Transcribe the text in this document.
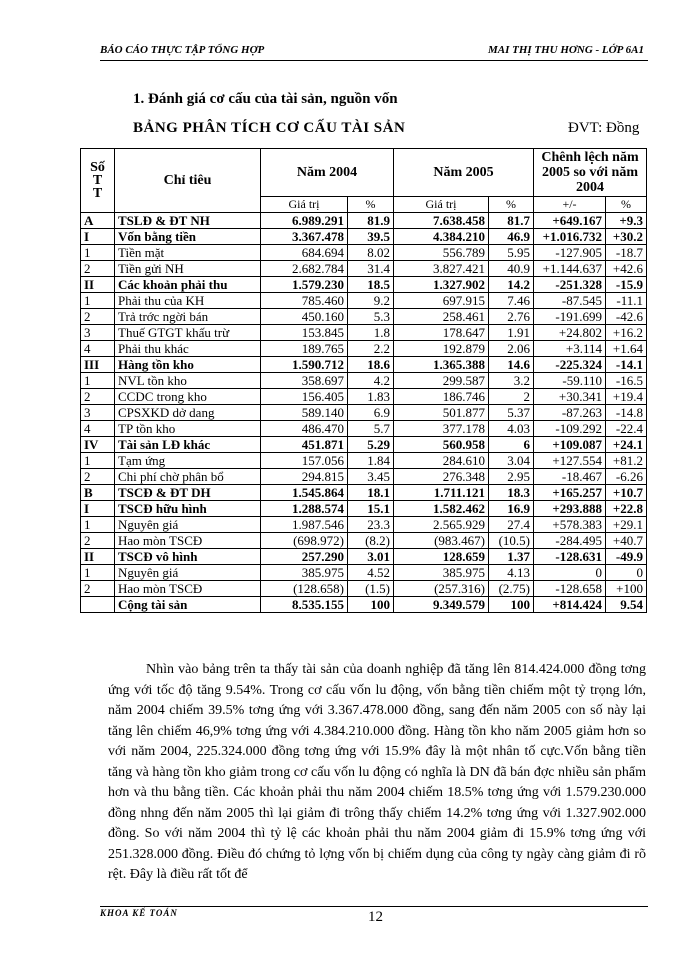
BÁO CÁO THỰC TẬP TỔNG HỢP	MAI THỊ THU HƠNG - LỚP 6A1
1. Đánh giá cơ cấu của tài sản, nguồn vốn
BẢNG PHÂN TÍCH CƠ CẤU TÀI SẢN	ĐVT: Đồng
Số
T
T	Chỉ tiêu	Năm 2004		Năm 2005		Chênh lệch năm 2005 so với năm 2004	
		Giá trị	%	Giá trị	%	+/-	%
A	TSLĐ & ĐT NH	6.989.291	81.9	7.638.458	81.7	+649.167	+9.3
I	Vốn bằng tiền	3.367.478	39.5	4.384.210	46.9	+1.016.732	+30.2
1	Tiền mặt	684.694	8.02	556.789	5.95	-127.905	-18.7
2	Tiền gửi NH	2.682.784	31.4	3.827.421	40.9	+1.144.637	+42.6
II	Các khoản phải thu	1.579.230	18.5	1.327.902	14.2	-251.328	-15.9
1	Phải thu của KH	785.460	9.2	697.915	7.46	-87.545	-11.1
2	Trả trớc ngời bán	450.160	5.3	258.461	2.76	-191.699	-42.6
3	Thuế GTGT khấu trừ	153.845	1.8	178.647	1.91	+24.802	+16.2
4	Phải thu khác	189.765	2.2	192.879	2.06	+3.114	+1.64
III	Hàng tồn kho	1.590.712	18.6	1.365.388	14.6	-225.324	-14.1
1	NVL tồn kho	358.697	4.2	299.587	3.2	-59.110	-16.5
2	CCDC trong kho	156.405	1.83	186.746	2	+30.341	+19.4
3	CPSXKD dở dang	589.140	6.9	501.877	5.37	-87.263	-14.8
4	TP tồn kho	486.470	5.7	377.178	4.03	-109.292	-22.4
IV	Tài sản LĐ khác	451.871	5.29	560.958	6	+109.087	+24.1
1	Tạm ứng	157.056	1.84	284.610	3.04	+127.554	+81.2
2	Chi phí chờ phân bổ	294.815	3.45	276.348	2.95	-18.467	-6.26
B	TSCĐ & ĐT DH	1.545.864	18.1	1.711.121	18.3	+165.257	+10.7
I	TSCĐ hữu hình	1.288.574	15.1	1.582.462	16.9	+293.888	+22.8
1	Nguyên giá	1.987.546	23.3	2.565.929	27.4	+578.383	+29.1
2	Hao mòn TSCĐ	(698.972)	(8.2)	(983.467)	(10.5)	-284.495	+40.7
II	TSCĐ vô hình	257.290	3.01	128.659	1.37	-128.631	-49.9
1	Nguyên giá	385.975	4.52	385.975	4.13	0	0
2	Hao mòn TSCĐ	(128.658)	(1.5)	(257.316)	(2.75)	-128.658	+100
	Cộng tài sản	8.535.155	100	9.349.579	100	+814.424	9.54
Nhìn vào bảng trên ta thấy tài sản của doanh nghiệp đã tăng lên 814.424.000 đồng tơng ứng với tốc độ tăng 9.54%. Trong cơ cấu vốn lu động, vốn bằng tiền chiếm một tỷ trọng lớn, năm 2004 chiếm 39.5% tơng ứng với 3.367.478.000 đồng, sang đến năm 2005 con số này lại tăng lên chiếm 46,9% tơng ứng với 4.384.210.000 đồng. Hàng tồn kho năm 2005 giảm hơn so với năm 2004, 225.324.000 đồng tơng ứng với 15.9% đây là một nhân tố cực.Vốn bằng tiền tăng và hàng tồn kho giảm trong cơ cấu vốn lu động có nghĩa là DN đã bán đợc nhiều sản phẩm hơn và thu bằng tiền. Các khoản phải thu năm 2004 chiếm 18.5% tơng ứng với 1.579.230.000 đồng nhng đến năm 2005 thì lại giảm đi trông thấy chiếm 14.2% tơng ứng với 1.327.902.000 đồng. So với năm 2004 thì tỷ lệ các khoản phải thu năm 2004 giảm đi 15.9% tơng ứng với 251.328.000 đồng. Điều đó chứng tỏ lợng vốn bị chiếm dụng của công ty ngày càng giảm đi rõ rệt. Đây là điều rất tốt để
KHOA KẾ TOÁN	12
